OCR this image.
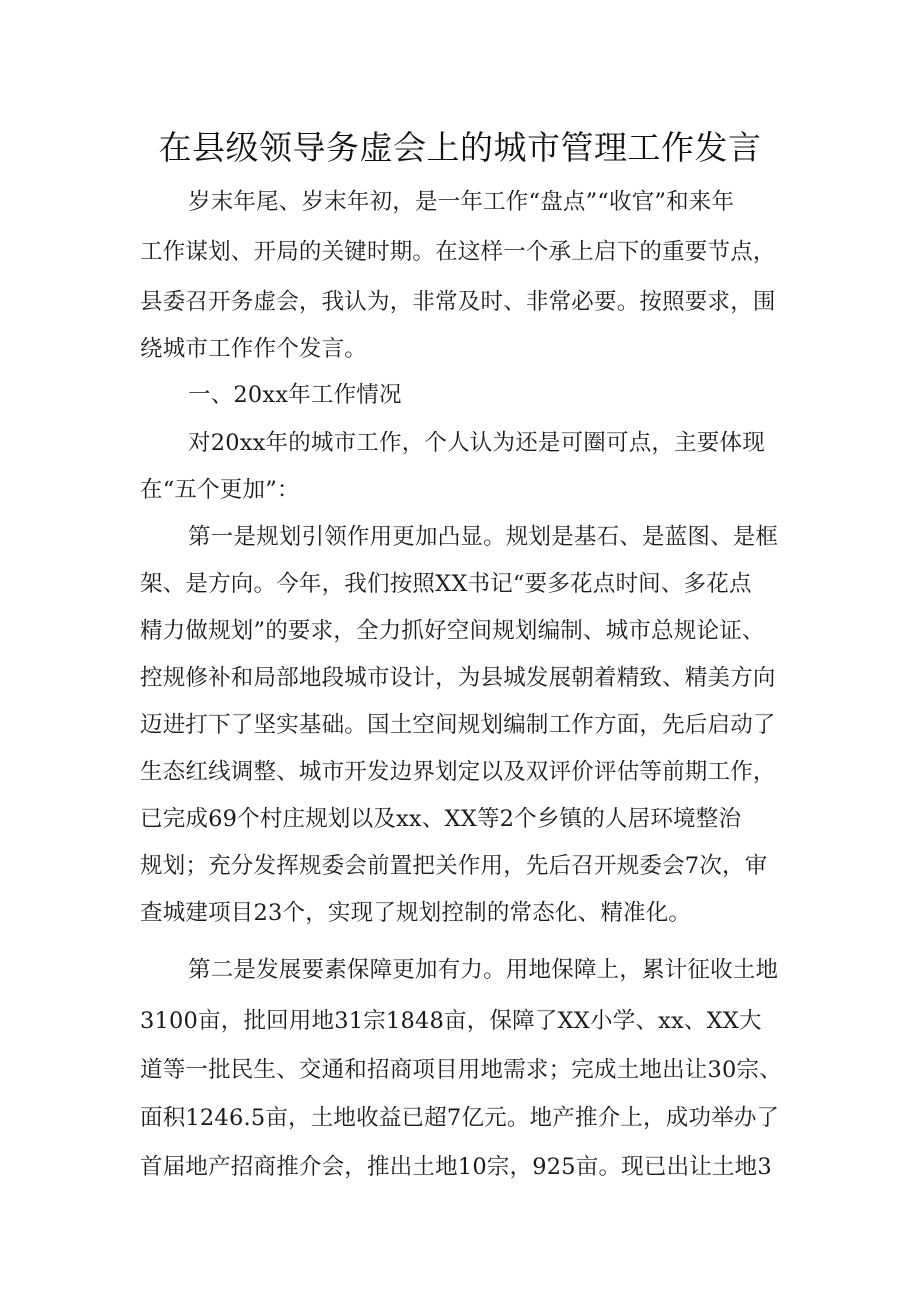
在县级领导务虚会上的城市管理工作发言
岁末年尾、岁末年初，是一年工作“盘点”“收官”和来年
工作谋划、开局的关键时期。在这样一个承上启下的重要节点，
县委召开务虚会，我认为，非常及时、非常必要。按照要求，围
绕城市工作作个发言。
一、20xx年工作情况
对20xx年的城市工作，个人认为还是可圈可点，主要体现
在“五个更加”：
第一是规划引领作用更加凸显。规划是基石、是蓝图、是框
架、是方向。今年，我们按照XX书记“要多花点时间、多花点
精力做规划”的要求，全力抓好空间规划编制、城市总规论证、
控规修补和局部地段城市设计，为县城发展朝着精致、精美方向
迈进打下了坚实基础。国土空间规划编制工作方面，先后启动了
生态红线调整、城市开发边界划定以及双评价评估等前期工作，
已完成69个村庄规划以及xx、XX等2个乡镇的人居环境整治
规划；充分发挥规委会前置把关作用，先后召开规委会7次，审
查城建项目23个，实现了规划控制的常态化、精准化。
第二是发展要素保障更加有力。用地保障上，累计征收土地
3100亩，批回用地31宗1848亩，保障了XX小学、xx、XX大
道等一批民生、交通和招商项目用地需求；完成土地出让30宗、
面积1246.5亩，土地收益已超7亿元。地产推介上，成功举办了
首届地产招商推介会，推出土地10宗，925亩。现已出让土地3
